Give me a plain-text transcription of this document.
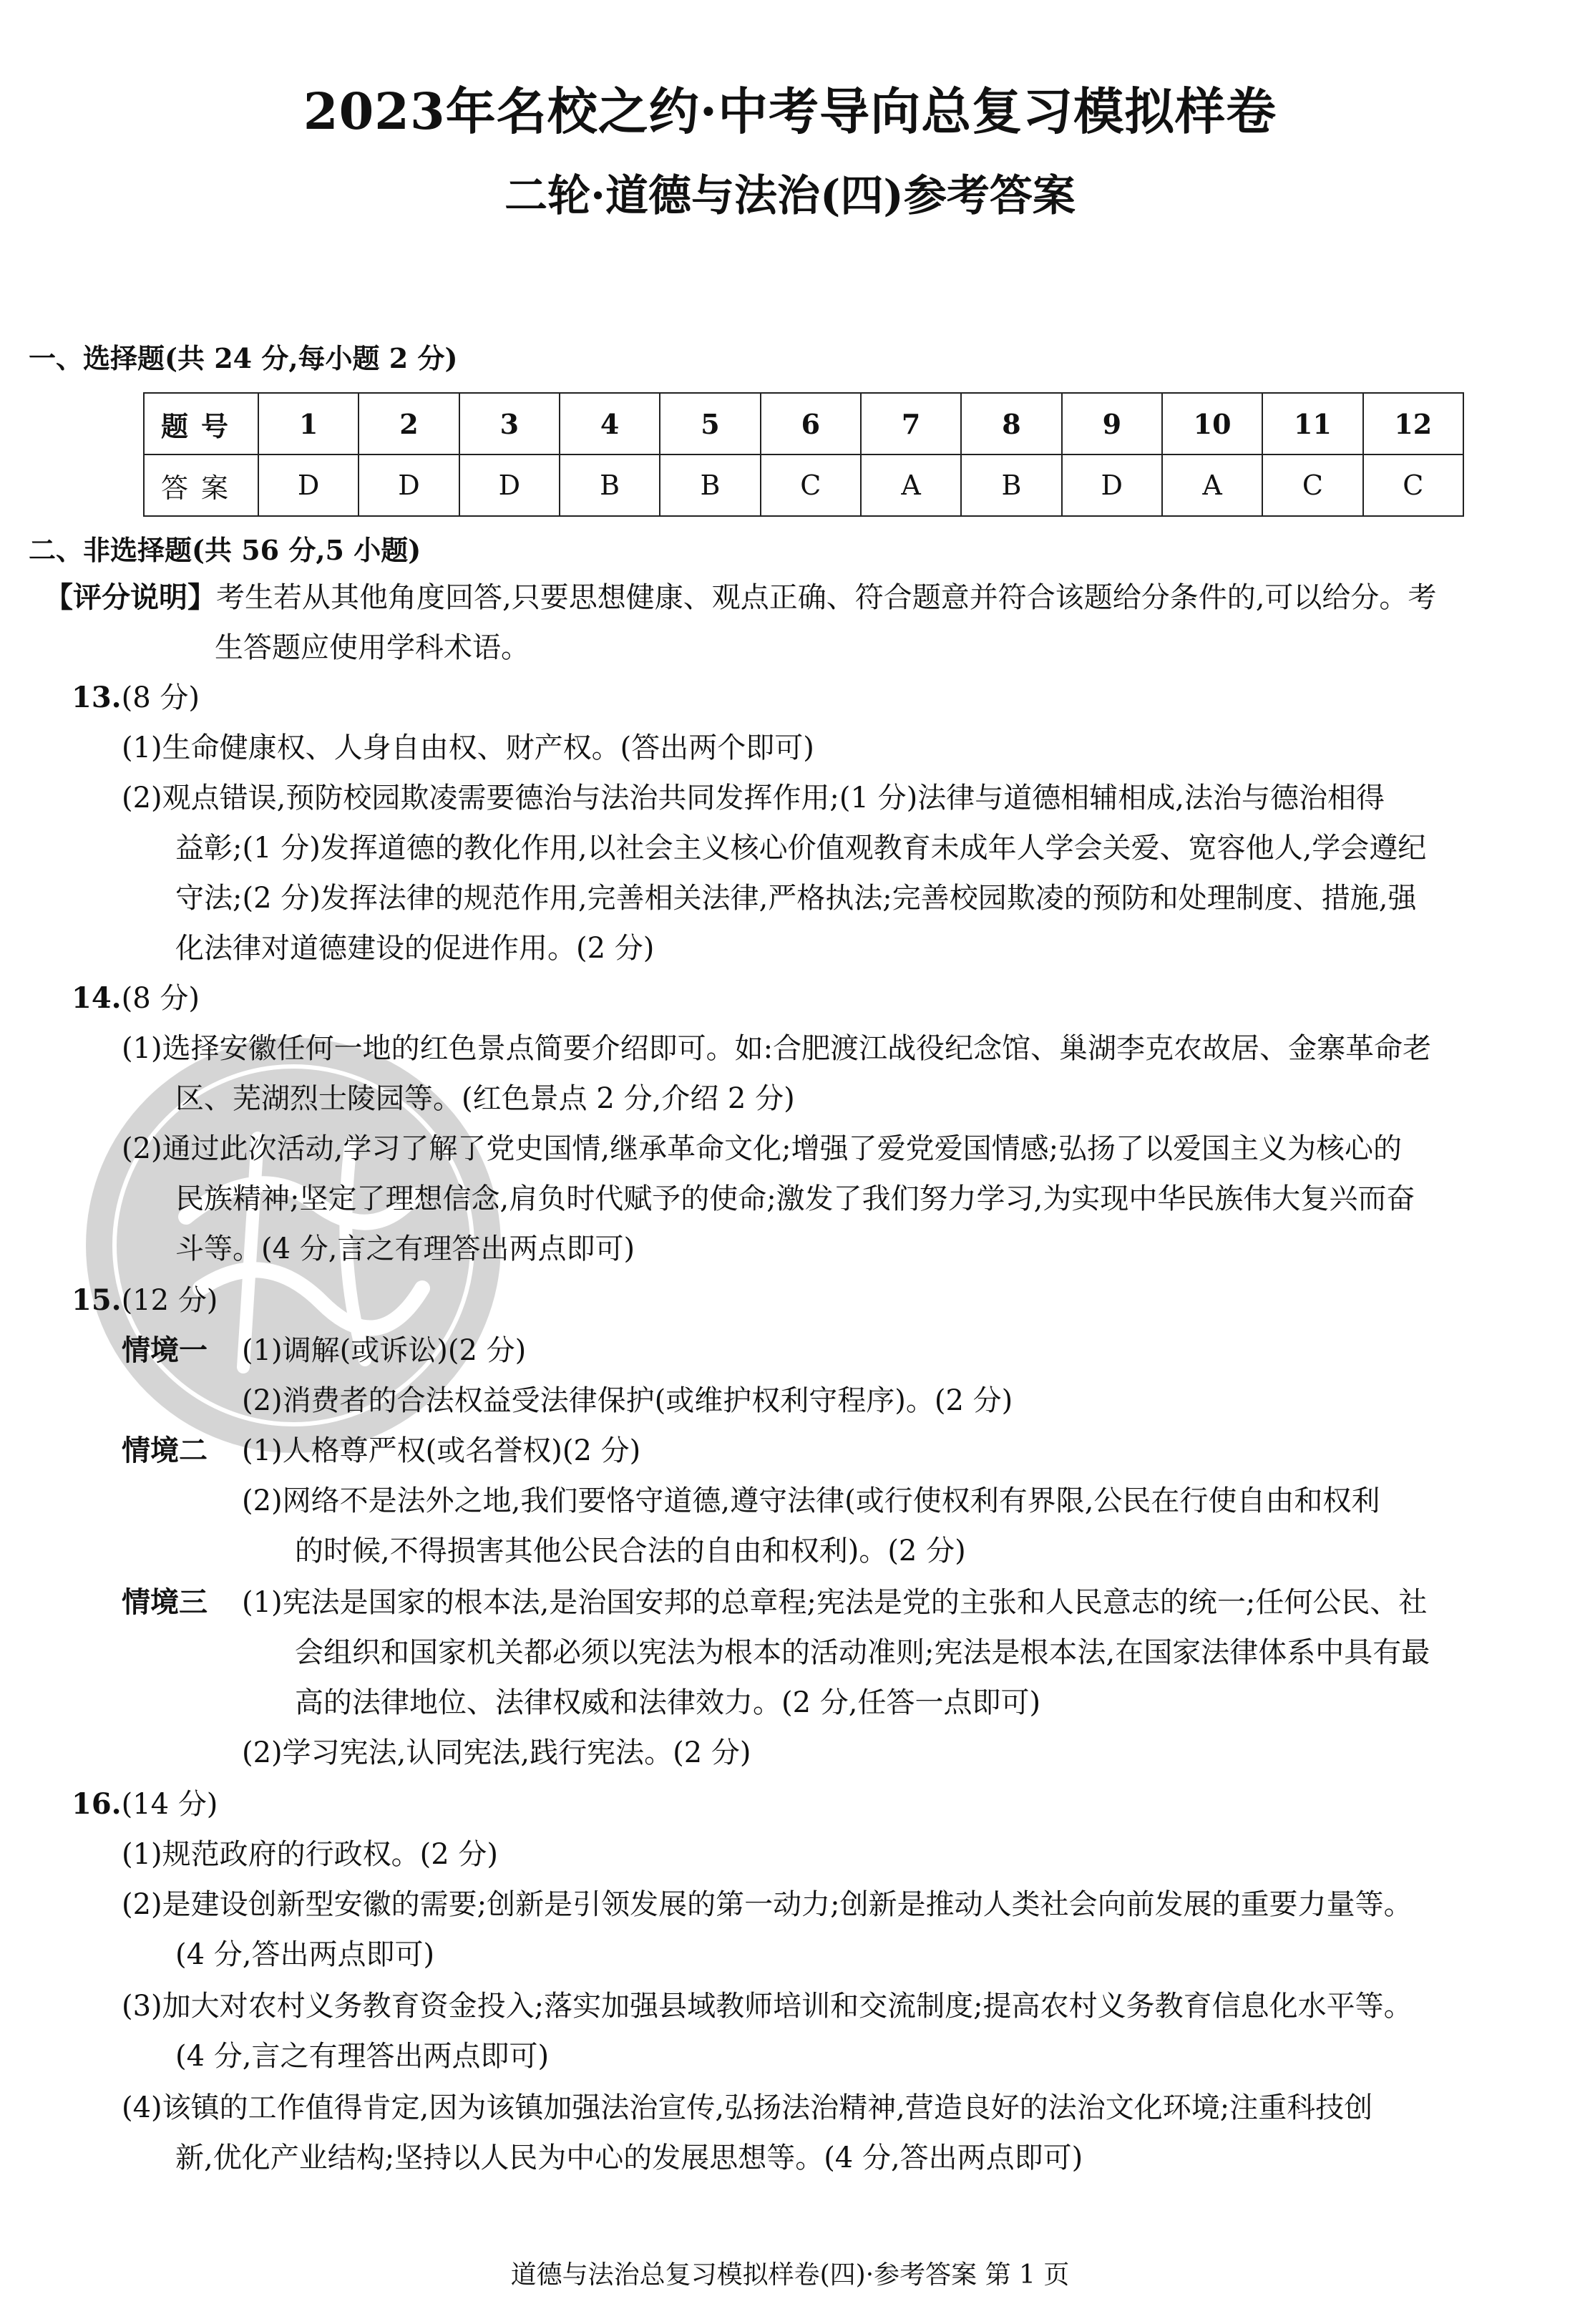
2023年名校之约·中考导向总复习模拟样卷
二轮·道德与法治(四)参考答案
一、选择题(共 24 分,每小题 2 分)
题号	1	2	3	4	5	6	7	8	9	10	11	12
答案	D	D	D	B	B	C	A	B	D	A	C	C
二、非选择题(共 56 分,5 小题)
【评分说明】考生若从其他角度回答,只要思想健康、观点正确、符合题意并符合该题给分条件的,可以给分。考
生答题应使用学科术语。
13.(8 分)
(1)生命健康权、人身自由权、财产权。(答出两个即可)
(2)观点错误,预防校园欺凌需要德治与法治共同发挥作用;(1 分)法律与道德相辅相成,法治与德治相得
益彰;(1 分)发挥道德的教化作用,以社会主义核心价值观教育未成年人学会关爱、宽容他人,学会遵纪
守法;(2 分)发挥法律的规范作用,完善相关法律,严格执法;完善校园欺凌的预防和处理制度、措施,强
化法律对道德建设的促进作用。(2 分)
14.(8 分)
(1)选择安徽任何一地的红色景点简要介绍即可。如:合肥渡江战役纪念馆、巢湖李克农故居、金寨革命老
区、芜湖烈士陵园等。(红色景点 2 分,介绍 2 分)
(2)通过此次活动,学习了解了党史国情,继承革命文化;增强了爱党爱国情感;弘扬了以爱国主义为核心的
民族精神;坚定了理想信念,肩负时代赋予的使命;激发了我们努力学习,为实现中华民族伟大复兴而奋
斗等。(4 分,言之有理答出两点即可)
15.(12 分)
情境一 (1)调解(或诉讼)(2 分)
(2)消费者的合法权益受法律保护(或维护权利守程序)。(2 分)
情境二 (1)人格尊严权(或名誉权)(2 分)
(2)网络不是法外之地,我们要恪守道德,遵守法律(或行使权利有界限,公民在行使自由和权利
的时候,不得损害其他公民合法的自由和权利)。(2 分)
情境三 (1)宪法是国家的根本法,是治国安邦的总章程;宪法是党的主张和人民意志的统一;任何公民、社
会组织和国家机关都必须以宪法为根本的活动准则;宪法是根本法,在国家法律体系中具有最
高的法律地位、法律权威和法律效力。(2 分,任答一点即可)
(2)学习宪法,认同宪法,践行宪法。(2 分)
16.(14 分)
(1)规范政府的行政权。(2 分)
(2)是建设创新型安徽的需要;创新是引领发展的第一动力;创新是推动人类社会向前发展的重要力量等。
(4 分,答出两点即可)
(3)加大对农村义务教育资金投入;落实加强县域教师培训和交流制度;提高农村义务教育信息化水平等。
(4 分,言之有理答出两点即可)
(4)该镇的工作值得肯定,因为该镇加强法治宣传,弘扬法治精神,营造良好的法治文化环境;注重科技创
新,优化产业结构;坚持以人民为中心的发展思想等。(4 分,答出两点即可)
道德与法治总复习模拟样卷(四)·参考答案 第 1 页
